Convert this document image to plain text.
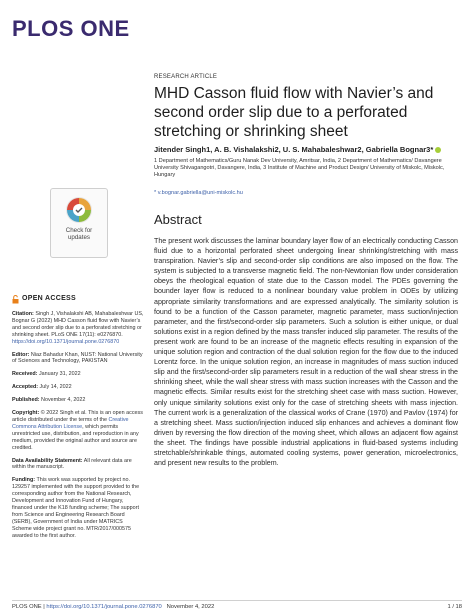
PLOS ONE
RESEARCH ARTICLE
MHD Casson fluid flow with Navier’s and second order slip due to a perforated stretching or shrinking sheet
Jitender Singh1, A. B. Vishalakshi2, U. S. Mahabaleshwar2, Gabriella Bognar3*
1 Department of Mathematics/Guru Nanak Dev University, Amritsar, India, 2 Department of Mathematics/ Davangere University Shivagangotri, Davangere, India, 3 Institute of Machine and Product Design/ University of Miskolc, Miskolc, Hungary
* v.bognar.gabriella@uni-miskolc.hu
Abstract
The present work discusses the laminar boundary layer flow of an electrically conducting Casson fluid due to a horizontal perforated sheet undergoing linear shrinking/stretching with mass transpiration. Navier’s slip and second-order slip conditions are also imposed on the flow. The system is subjected to a transverse magnetic field. The non-Newtonian flow under consideration obeys the rheological equation of state due to the Casson model. The PDEs governing the bounder layer flow is reduced to a nonlinear boundary value problem in ODEs by utilizing appropriate similarity transformations and are expressed analytically. The similarity solution is found to be a function of the Casson parameter, magnetic parameter, mass suction/injection parameter, and the first/second-order slip parameters. Such a solution is either unique, or dual solutions exist in a region defined by the mass transfer induced slip parameter. The results of the present work are found to be an increase of the magnetic effects resulting in expansion of the unique solution region and contraction of the dual solution region for the flow due to the induced Lorentz force. In the unique solution region, an increase in magnitudes of mass suction induced slip and the first/second-order slip parameters result in a reduction of the wall shear stress in the shrinking sheet, while the wall shear stress with mass suction increases with the Casson and the magnetic effects. Similar results exist for the stretching sheet case with mass suction. However, only unique similarity solutions exist only for the case of stretching sheets with mass injection. The current work is a generalization of the classical works of Crane (1970) and Pavlov (1974) for a stretching sheet. Mass suction/injection induced slip enhances and achieves a dominant flow driven by reversing the flow direction of the moving sheet, which allows an adjacent flow against the sheet. The findings have possible industrial applications in fluid-based systems including stretchable/shrinkable things, automated cooling systems, power generation, microelectronics, and present new results to the problem.
Check for
updates
OPEN ACCESS
Citation: Singh J, Vishalakshi AB, Mahabaleshwar US, Bognar G (2022) MHD Casson fluid flow with Navier’s and second order slip due to a perforated stretching or shrinking sheet. PLoS ONE 17(11): e0276870. https://doi.org/10.1371/journal.pone.0276870
Editor: Niaz Bahadur Khan, NUST: National University of Sciences and Technology, PAKISTAN
Received: January 31, 2022
Accepted: July 14, 2022
Published: November 4, 2022
Copyright: © 2022 Singh et al. This is an open access article distributed under the terms of the Creative Commons Attribution License, which permits unrestricted use, distribution, and reproduction in any medium, provided the original author and source are credited.
Data Availability Statement: All relevant data are within the manuscript.
Funding: This work was supported by project no. 129257 implemented with the support provided to the corresponding author from the National Research, Development and Innovation Fund of Hungary, financed under the K18 funding scheme; The support from Science and Engineering Research Board (SERB), Government of India under MATRICS Scheme wide project grant no. MTR/2017/000575 awarded to the first author.
PLOS ONE | https://doi.org/10.1371/journal.pone.0276870 November 4, 2022	1 / 18
